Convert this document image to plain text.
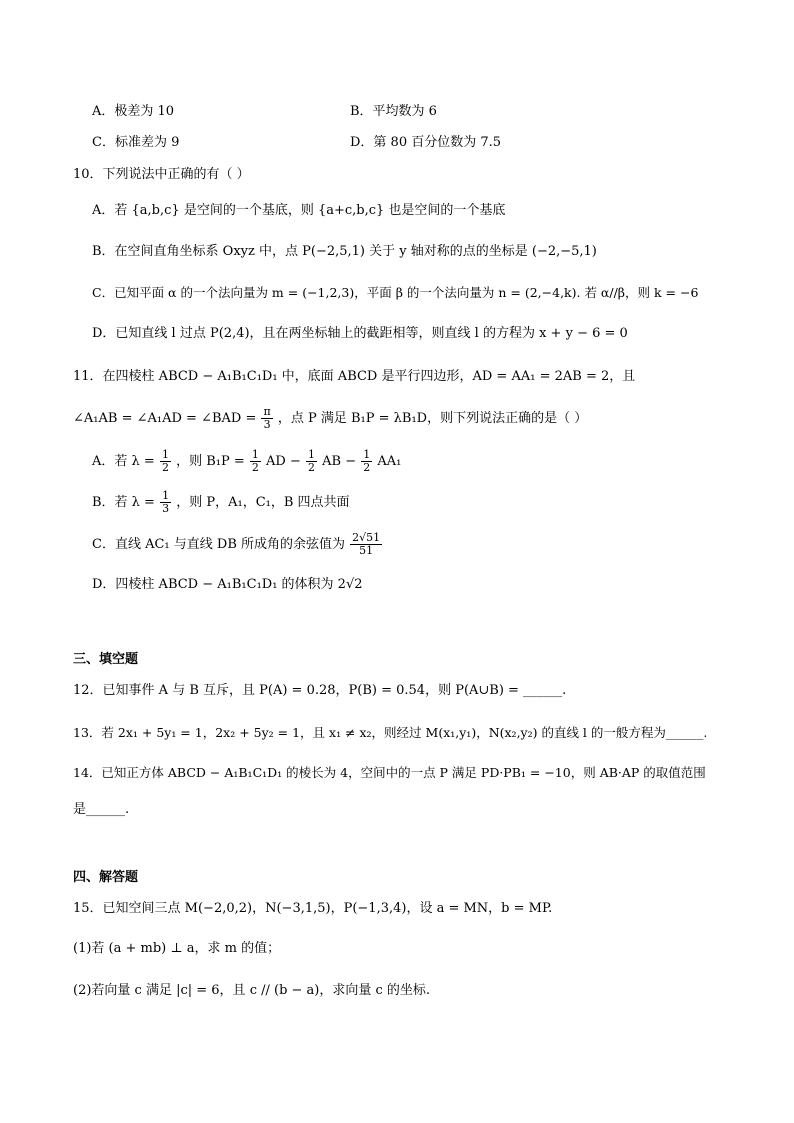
A．极差为 10	B．平均数为 6
C．标准差为 9	D．第 80 百分位数为 7.5
10．下列说法中正确的有（ ）
A．若 {a,b,c} 是空间的一个基底，则 {a+c,b,c} 也是空间的一个基底
B．在空间直角坐标系 Oxyz 中，点 P(−2,5,1) 关于 y 轴对称的点的坐标是 (−2,−5,1)
C．已知平面 α 的一个法向量为 m = (−1,2,3)，平面 β 的一个法向量为 n = (2,−4,k). 若 α//β，则 k = −6
D．已知直线 l 过点 P(2,4)，且在两坐标轴上的截距相等，则直线 l 的方程为 x + y − 6 = 0
11．在四棱柱 ABCD − A₁B₁C₁D₁ 中，底面 ABCD 是平行四边形，AD = AA₁ = 2AB = 2，且
∠A₁AB = ∠A₁AD = ∠BAD = $\frac{\pi}{3}$ ，点 P 满足 B₁P = λB₁D，则下列说法正确的是（ ）
A．若 $\lambda = \frac{1}{2}$ ，则 $B_1P = \frac{1}{2}$ AD − $\frac{1}{2}$ AB − $\frac{1}{2} AA_1$
B．若 $\lambda = \frac{1}{3}$ ，则 P，A₁，C₁，B 四点共面
C．直线 AC₁ 与直线 DB 所成角的余弦值为 $\frac{2√51}{51}$
D．四棱柱 ABCD − A₁B₁C₁D₁ 的体积为 2√2
三、填空题
12．已知事件 A 与 B 互斥，且 P(A) = 0.28，P(B) = 0.54，则 P(A∪B) = ______.
13．若 2x₁ + 5y₁ = 1，2x₂ + 5y₂ = 1，且 x₁ ≠ x₂，则经过 M(x₁,y₁)，N(x₂,y₂) 的直线 l 的一般方程为______.
14．已知正方体 ABCD − A₁B₁C₁D₁ 的棱长为 4，空间中的一点 P 满足 PD·PB₁ = −10，则 AB·AP 的取值范围
是______.
四、解答题
15．已知空间三点 M(−2,0,2)，N(−3,1,5)，P(−1,3,4)，设 a = MN，b = MP.
(1)若 (a + mb) ⊥ a，求 m 的值；
(2)若向量 c 满足 |c| = 6，且 c // (b − a)，求向量 c 的坐标.
